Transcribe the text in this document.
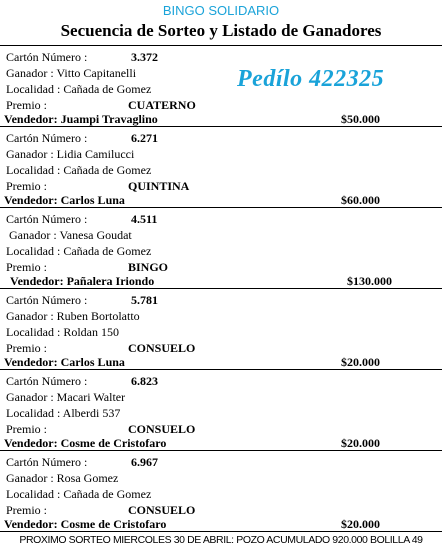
BINGO SOLIDARIO
Secuencia de Sorteo y Listado de Ganadores
Cartón Número :	3.372
Ganador : Vitto Capitanelli
Localidad : Cañada de Gomez
Premio :	CUATERNO
Vendedor: Juampi Travaglino	$50.000
Cartón Número :	6.271
Ganador : Lidia Camilucci
Localidad : Cañada de Gomez
Premio :	QUINTINA
Vendedor: Carlos Luna	$60.000
Cartón Número :	4.511
Ganador : Vanesa Goudat
Localidad : Cañada de Gomez
Premio :	BINGO
Vendedor: Pañalera Iriondo	$130.000
Cartón Número :	5.781
Ganador : Ruben Bortolatto
Localidad : Roldan 150
Premio :	CONSUELO
Vendedor: Carlos Luna	$20.000
Cartón Número :	6.823
Ganador : Macari Walter
Localidad : Alberdi 537
Premio :	CONSUELO
Vendedor: Cosme de Cristofaro	$20.000
Cartón Número :	6.967
Ganador : Rosa Gomez
Localidad : Cañada de Gomez
Premio :	CONSUELO
Vendedor: Cosme de Cristofaro	$20.000
Pedílo 422325
PROXIMO SORTEO MIERCOLES 30 DE ABRIL: POZO ACUMULADO 920.000 BOLILLA 49
